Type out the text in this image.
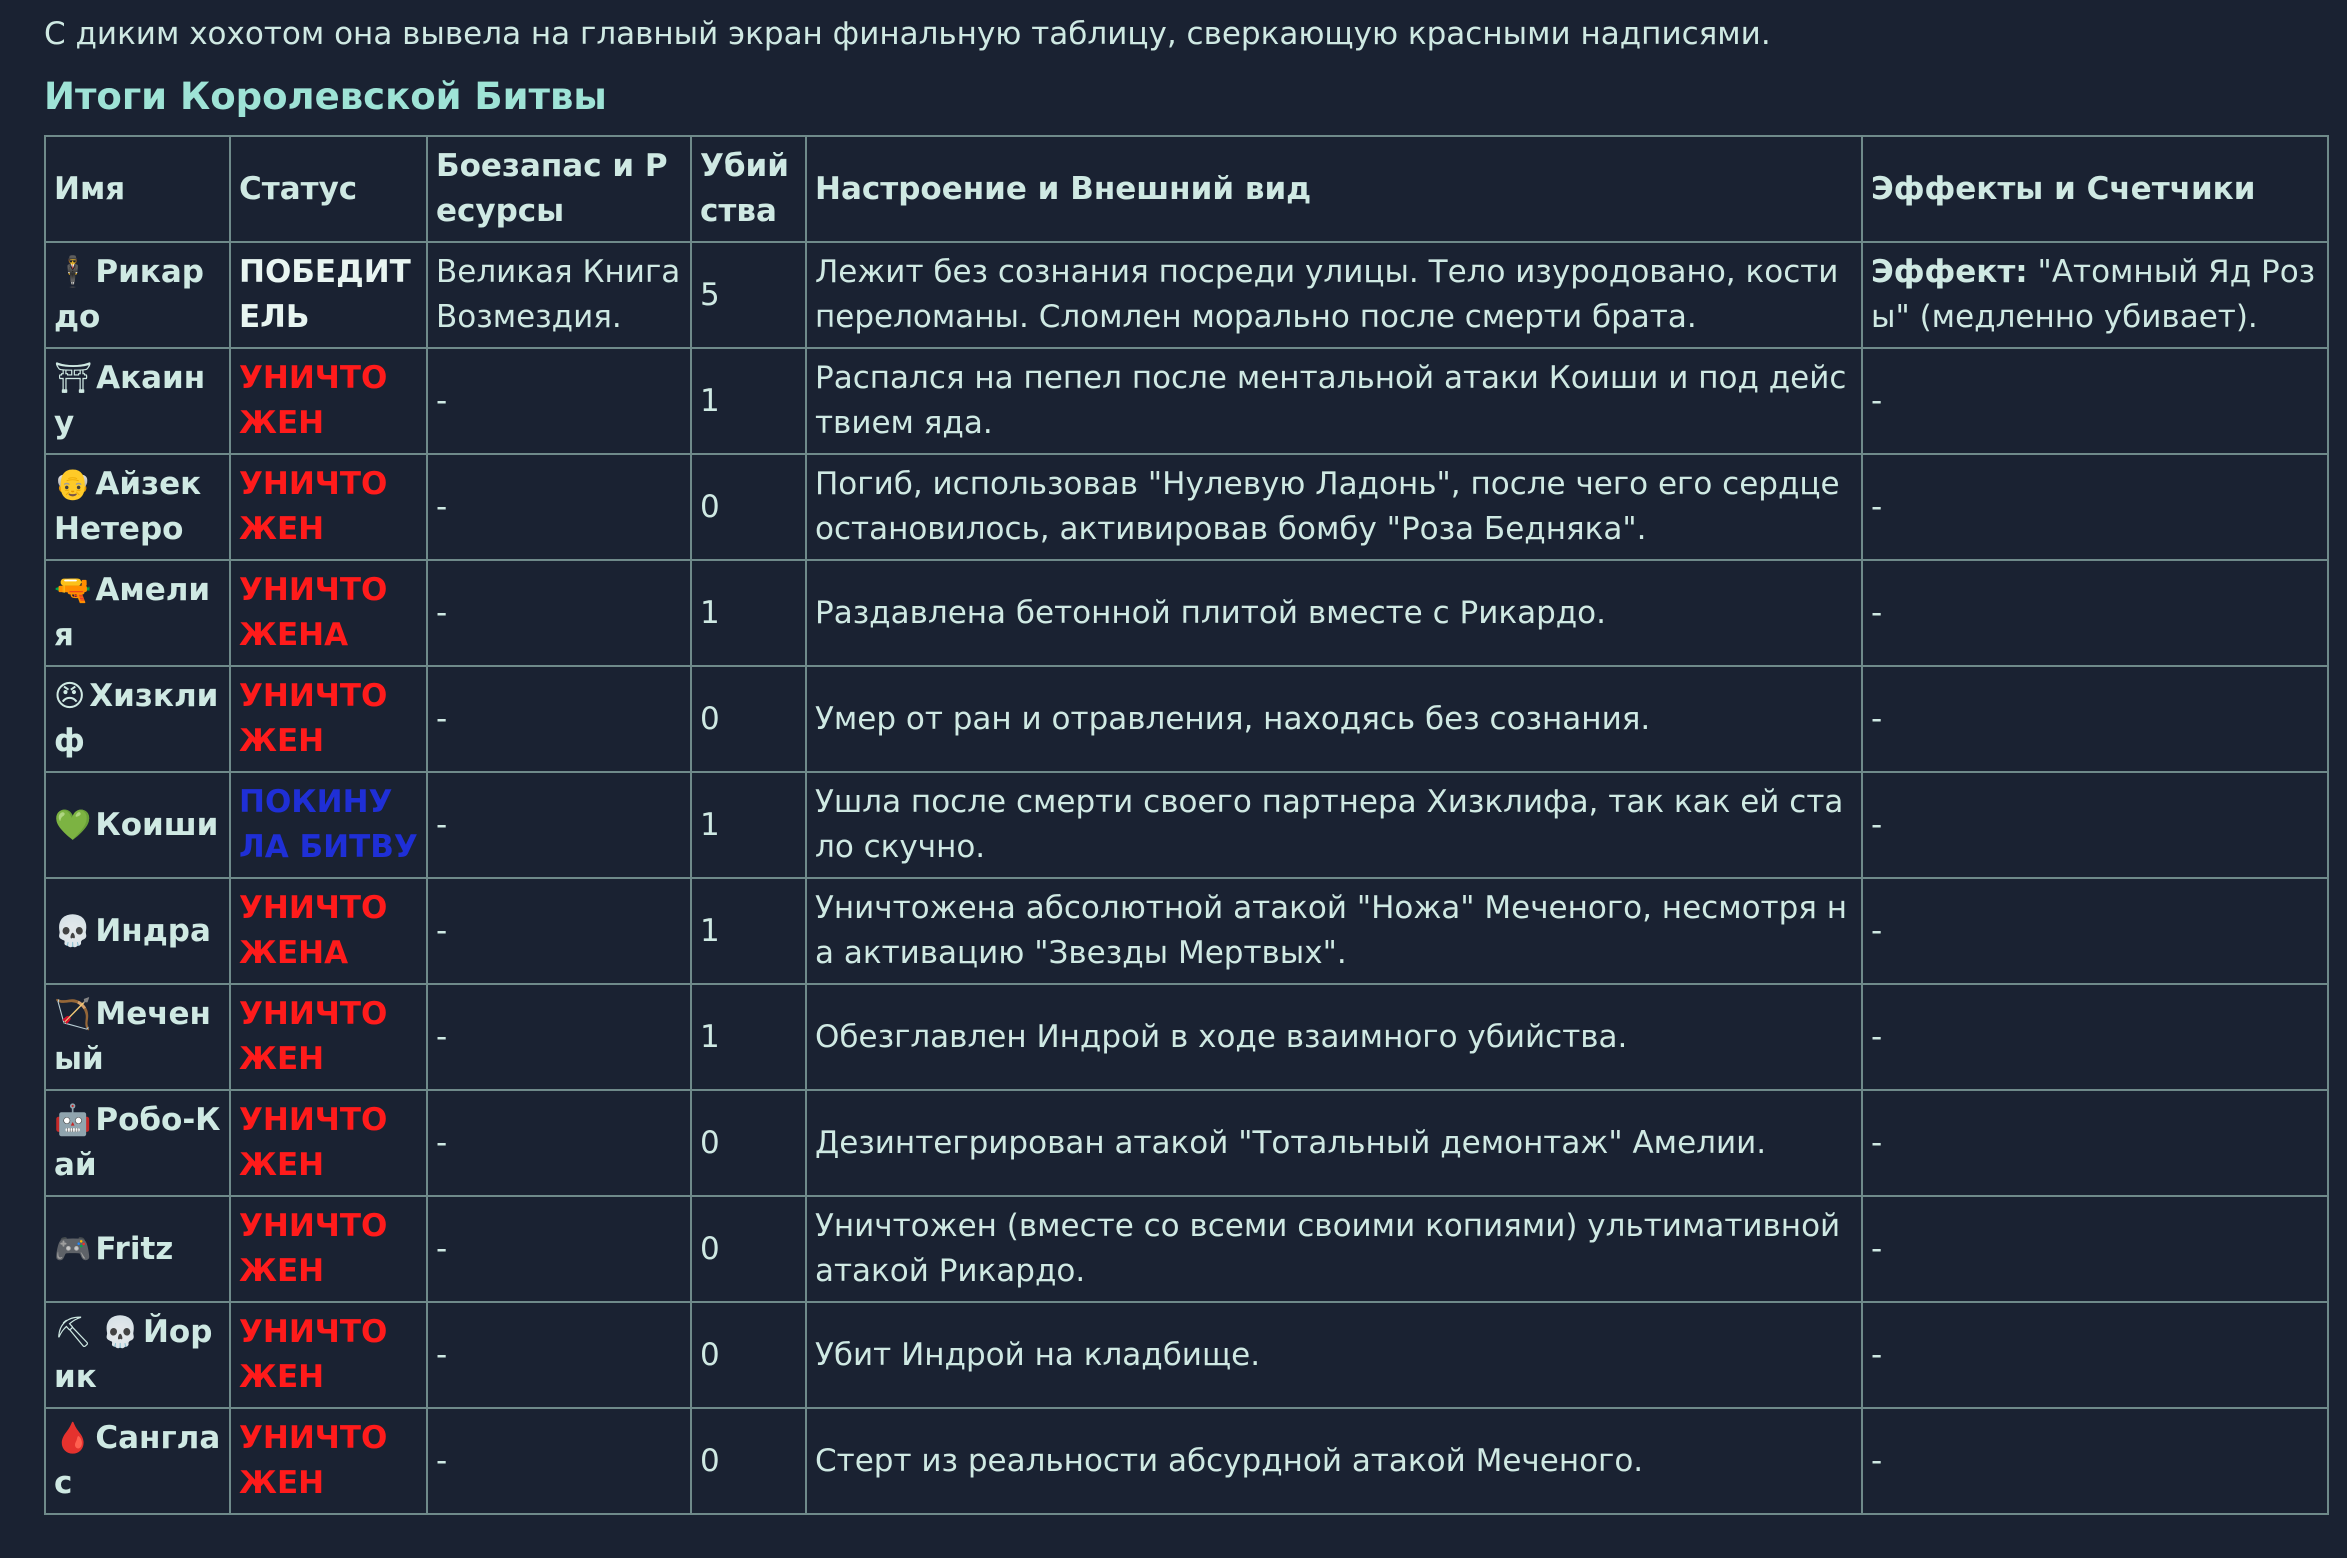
С диким хохотом она вывела на главный экран финальную таблицу, сверкающую красными надписями.

Итоги Королевской Битвы
Имя	Статус	Боезапас и Ресурсы	Убийства	Настроение и Внешний вид	Эффекты и Счетчики
🕴 Рикардо	ПОБЕДИТЕЛЬ	Великая Книга Возмездия.	5	Лежит без сознания посреди улицы. Тело изуродовано, кости переломаны. Сломлен морально после смерти брата.	Эффект: "Атомный Яд Розы" (медленно убивает).
⛩ Акаину	УНИЧТОЖЕН	-	1	Распался на пепел после ментальной атаки Коиши и под действием яда.	-
👴 Айзек Нетеро	УНИЧТОЖЕН	-	0	Погиб, использовав "Нулевую Ладонь", после чего его сердце остановилось, активировав бомбу "Роза Бедняка".	-
🔫 Амелия	УНИЧТОЖЕНА	-	1	Раздавлена бетонной плитой вместе с Рикардо.	-
😠 Хизклиф	УНИЧТОЖЕН	-	0	Умер от ран и отравления, находясь без сознания.	-
💚 Коиши	ПОКИНУЛА БИТВУ	-	1	Ушла после смерти своего партнера Хизклифа, так как ей стало скучно.	-
💀 Индра	УНИЧТОЖЕНА	-	1	Уничтожена абсолютной атакой "Ножа" Меченого, несмотря на активацию "Звезды Мертвых".	-
🏹 Меченый	УНИЧТОЖЕН	-	1	Обезглавлен Индрой в ходе взаимного убийства.	-
🤖 Робо-Кай	УНИЧТОЖЕН	-	0	Дезинтегрирован атакой "Тотальный демонтаж" Амелии.	-
🎮 Fritz	УНИЧТОЖЕН	-	0	Уничтожен (вместе со всеми своими копиями) ультимативной атакой Рикардо.	-
⛏ 💀 Йорик	УНИЧТОЖЕН	-	0	Убит Индрой на кладбище.	-
🩸 Санглас	УНИЧТОЖЕН	-	0	Стерт из реальности абсурдной атакой Меченого.	-
